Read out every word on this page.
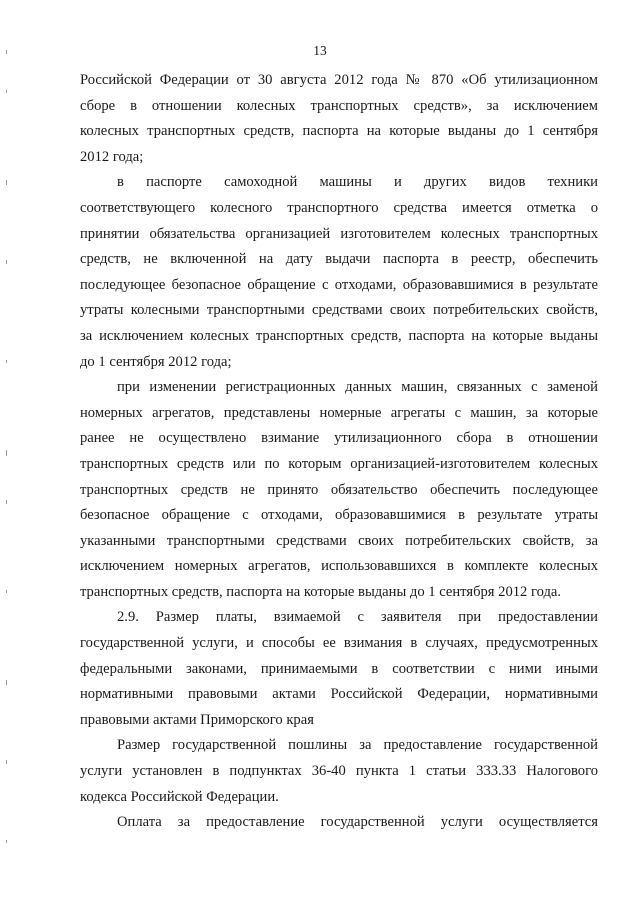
13
Российской Федерации от 30 августа 2012 года № 870 «Об утилизационном
сборе в отношении колесных транспортных средств», за исключением
колесных транспортных средств, паспорта на которые выданы до 1 сентября
2012 года;
в паспорте самоходной машины и других видов техники
соответствующего колесного транспортного средства имеется отметка о
принятии обязательства организацией изготовителем колесных транспортных
средств, не включенной на дату выдачи паспорта в реестр, обеспечить
последующее безопасное обращение с отходами, образовавшимися в результате
утраты колесными транспортными средствами своих потребительских свойств,
за исключением колесных транспортных средств, паспорта на которые выданы
до 1 сентября 2012 года;
при изменении регистрационных данных машин, связанных с заменой
номерных агрегатов, представлены номерные агрегаты с машин, за которые
ранее не осуществлено взимание утилизационного сбора в отношении
транспортных средств или по которым организацией-изготовителем колесных
транспортных средств не принято обязательство обеспечить последующее
безопасное обращение с отходами, образовавшимися в результате утраты
указанными транспортными средствами своих потребительских свойств, за
исключением номерных агрегатов, использовавшихся в комплекте колесных
транспортных средств, паспорта на которые выданы до 1 сентября 2012 года.
2.9. Размер платы, взимаемой с заявителя при предоставлении
государственной услуги, и способы ее взимания в случаях, предусмотренных
федеральными законами, принимаемыми в соответствии с ними иными
нормативными правовыми актами Российской Федерации, нормативными
правовыми актами Приморского края
Размер государственной пошлины за предоставление государственной
услуги установлен в подпунктах 36-40 пункта 1 статьи 333.33 Налогового
кодекса Российской Федерации.
Оплата за предоставление государственной услуги осуществляется
